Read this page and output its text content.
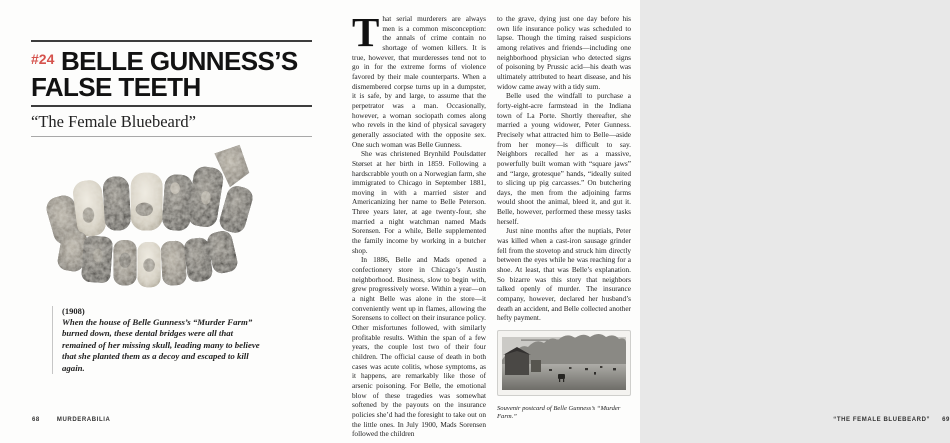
$^{\#24}$ BELLE GUNNESS’S FALSE TEETH
“The Female Bluebeard”
(1908)
When the house of Belle Gunness’s “Murder Farm” burned down, these dental bridges were all that remained of her missing skull, leading many to believe that she planted them as a decoy and escaped to kill again.
68	MURDERABILIA

That serial murderers are always men is a common misconception: the annals of crime contain no shortage of women killers. It is true, however, that murderesses tend not to go in for the extreme forms of violence favored by their male counterparts. When a dismembered corpse turns up in a dumpster, it is safe, by and large, to assume that the perpetrator was a man. Occasionally, however, a woman sociopath comes along who revels in the kind of physical savagery generally associated with the opposite sex. One such woman was Belle Gunness.

She was christened Brynhild Poulsdatter Størset at her birth in 1859. Following a hardscrabble youth on a Norwegian farm, she immigrated to Chicago in September 1881, moving in with a married sister and Americanizing her name to Belle Peterson. Three years later, at age twenty-four, she married a night watchman named Mads Sorensen. For a while, Belle supplemented the family income by working in a butcher shop.

In 1886, Belle and Mads opened a confectionery store in Chicago’s Austin neighborhood. Business, slow to begin with, grew progressively worse. Within a year—on a night Belle was alone in the store—it conveniently went up in flames, allowing the Sorensens to collect on their insurance policy. Other misfortunes followed, with similarly profitable results. Within the span of a few years, the couple lost two of their four children. The official cause of death in both cases was acute colitis, whose symptoms, as it happens, are remarkably like those of arsenic poisoning. For Belle, the emotional blow of these tragedies was somewhat softened by the payouts on the insurance policies she’d had the foresight to take out on the little ones. In July 1900, Mads Sorensen followed the children

to the grave, dying just one day before his own life insurance policy was scheduled to lapse. Though the timing raised suspicions among relatives and friends—including one neighborhood physician who detected signs of poisoning by Prussic acid—his death was ultimately attributed to heart disease, and his widow came away with a tidy sum.

Belle used the windfall to purchase a forty-eight-acre farmstead in the Indiana town of La Porte. Shortly thereafter, she married a young widower, Peter Gunness. Precisely what attracted him to Belle—aside from her money—is difficult to say. Neighbors recalled her as a massive, powerfully built woman with “square jaws” and “large, grotesque” hands, “ideally suited to slicing up pig carcasses.” On butchering days, the men from the adjoining farms would shoot the animal, bleed it, and gut it. Belle, however, performed these messy tasks herself.

Just nine months after the nuptials, Peter was killed when a cast-iron sausage grinder fell from the stovetop and struck him directly between the eyes while he was reaching for a shoe. At least, that was Belle’s explanation. So bizarre was this story that neighbors talked openly of murder. The insurance company, however, declared her husband’s death an accident, and Belle collected another hefty payment.

Souvenir postcard of Belle Gunness’s “Murder Farm.”	“THE FEMALE BLUEBEARD” 69
